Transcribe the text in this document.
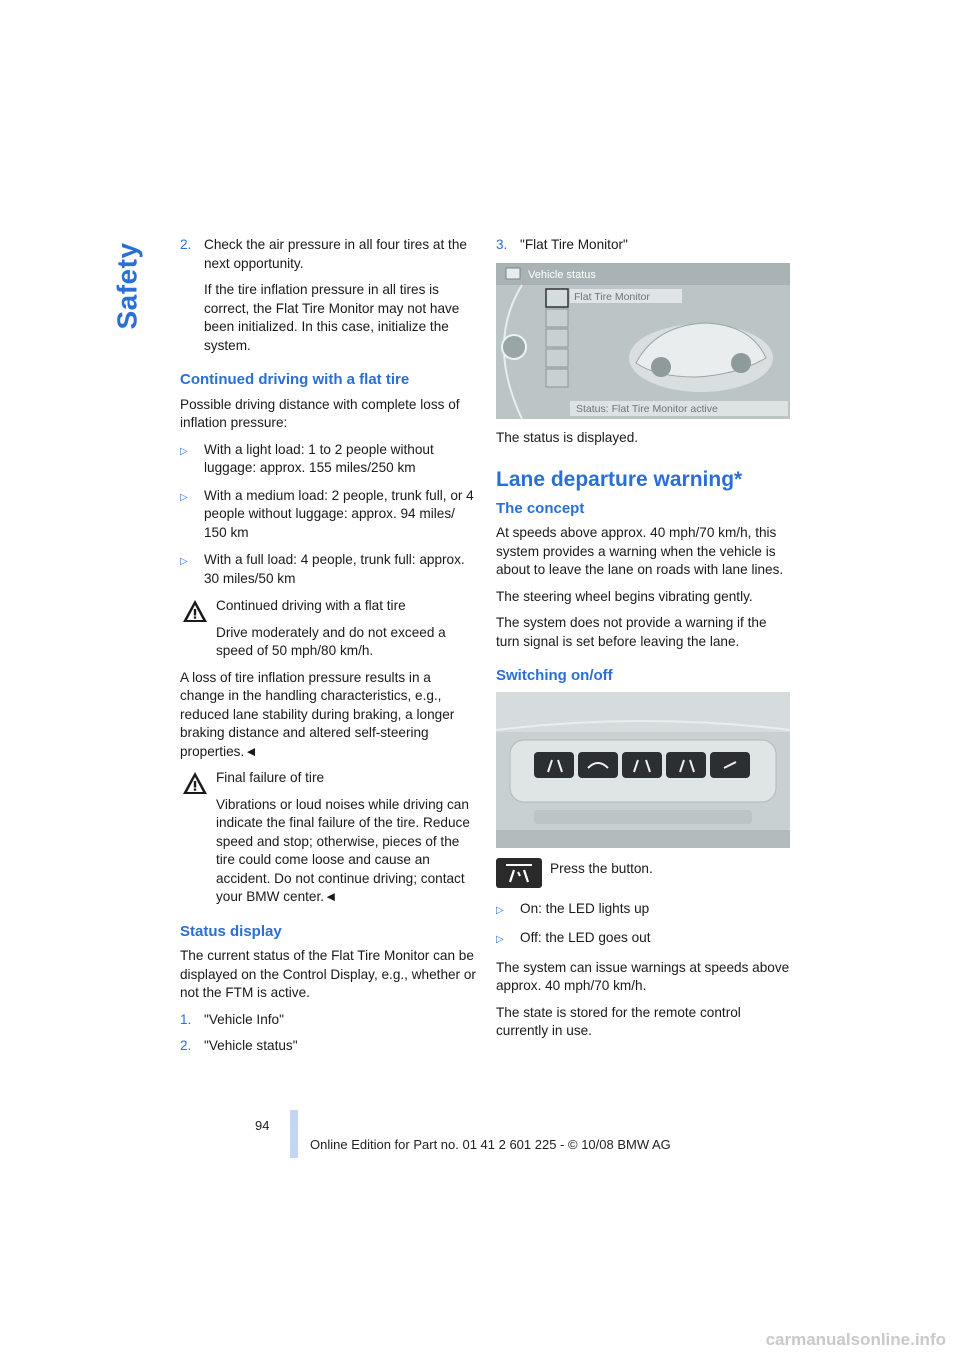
Safety	2. Check the air pressure in all four tires at the next opportunity.

If the tire inflation pressure in all tires is correct, the Flat Tire Monitor may not have been initialized. In this case, initialize the system.

Continued driving with a flat tire

Possible driving distance with complete loss of inflation pressure:

▷	With a light load: 1 to 2 people without luggage: approx. 155 miles/250 km
▷	With a medium load: 2 people, trunk full, or 4 people without luggage: approx. 94 miles/ 150 km
▷	With a full load: 4 people, trunk full: approx. 30 miles/50 km

Continued driving with a flat tire

Drive moderately and do not exceed a speed of 50 mph/80 km/h.

A loss of tire inflation pressure results in a change in the handling characteristics, e.g., reduced lane stability during braking, a longer braking distance and altered self-steering properties.◄

Final failure of tire

Vibrations or loud noises while driving can indicate the final failure of the tire. Reduce speed and stop; otherwise, pieces of the tire could come loose and cause an accident. Do not continue driving; contact your BMW center.◄

Status display

The current status of the Flat Tire Monitor can be displayed on the Control Display, e.g., whether or not the FTM is active.

1. "Vehicle Info"
2. "Vehicle status"
3. "Flat Tire Monitor"
Vehicle status
Flat Tire Monitor
Status: Flat Tire Monitor active

The status is displayed.

Lane departure warning*
The concept

At speeds above approx. 40 mph/70 km/h, this system provides a warning when the vehicle is about to leave the lane on roads with lane lines.

The steering wheel begins vibrating gently.

The system does not provide a warning if the turn signal is set before leaving the lane.

Switching on/off
Press the button.
▷	On: the LED lights up
▷	Off: the LED goes out

The system can issue warnings at speeds above approx. 40 mph/70 km/h.

The state is stored for the remote control currently in use.

94
Online Edition for Part no. 01 41 2 601 225 - © 10/08 BMW AG
carmanualsonline.info
